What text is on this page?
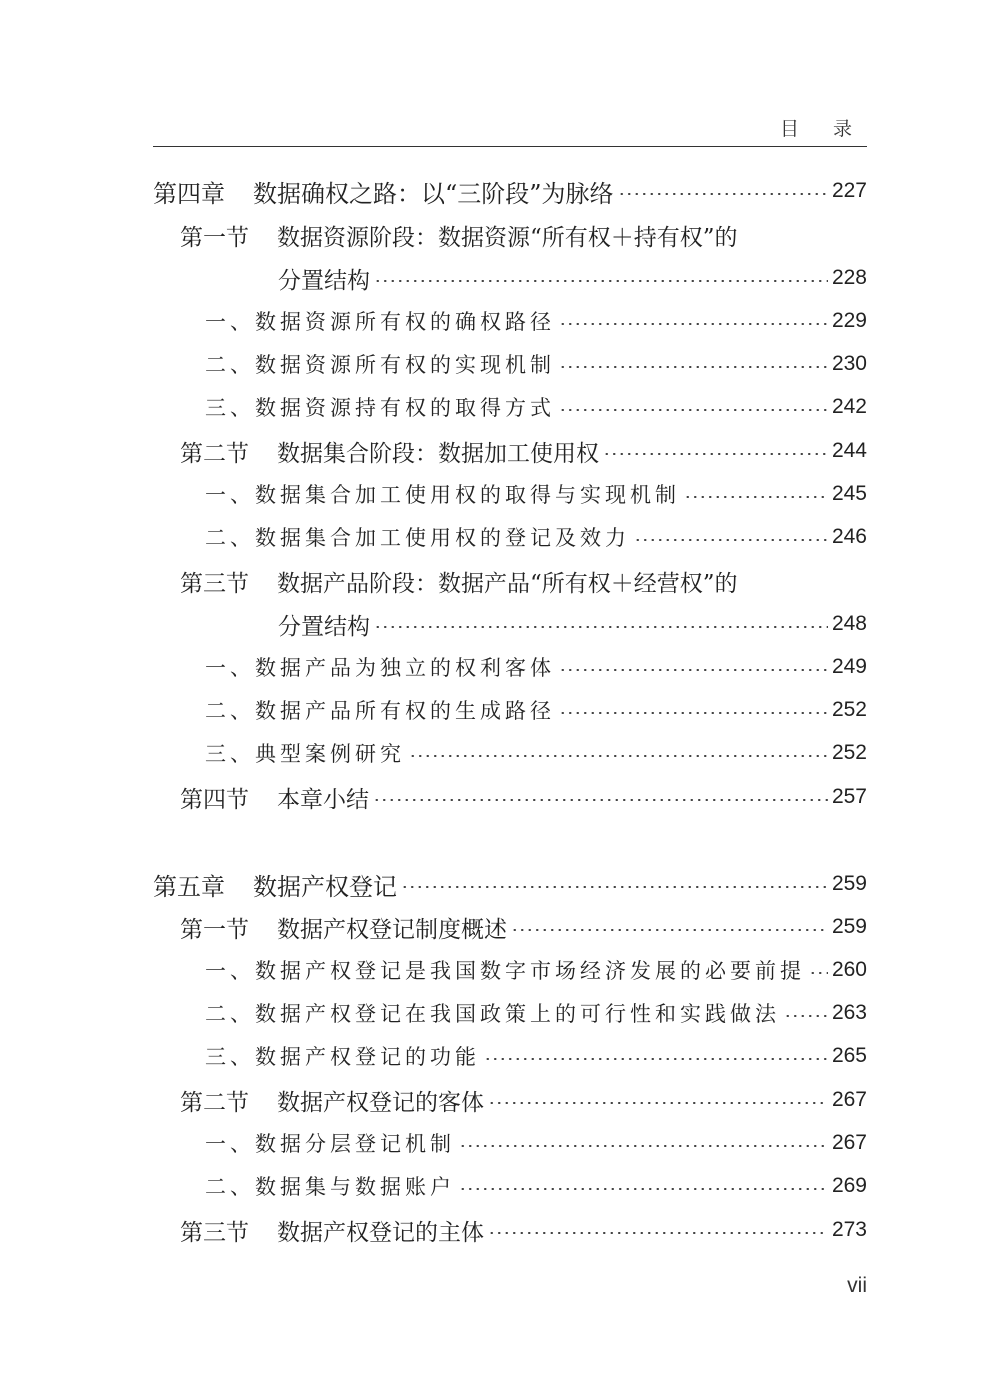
目 录
第四章 数据确权之路：以“三阶段”为脉络	227
第一节 数据资源阶段：数据资源“所有权＋持有权”的
分置结构	228
一、数据资源所有权的确权路径	229
二、数据资源所有权的实现机制	230
三、数据资源持有权的取得方式	242
第二节 数据集合阶段：数据加工使用权	244
一、数据集合加工使用权的取得与实现机制	245
二、数据集合加工使用权的登记及效力	246
第三节 数据产品阶段：数据产品“所有权＋经营权”的
分置结构	248
一、数据产品为独立的权利客体	249
二、数据产品所有权的生成路径	252
三、典型案例研究	252
第四节 本章小结	257
第五章 数据产权登记	259
第一节 数据产权登记制度概述	259
一、数据产权登记是我国数字市场经济发展的必要前提 260
二、数据产权登记在我国政策上的可行性和实践做法 263
三、数据产权登记的功能	265
第二节 数据产权登记的客体	267
一、数据分层登记机制	267
二、数据集与数据账户	269
第三节 数据产权登记的主体	273
vii
